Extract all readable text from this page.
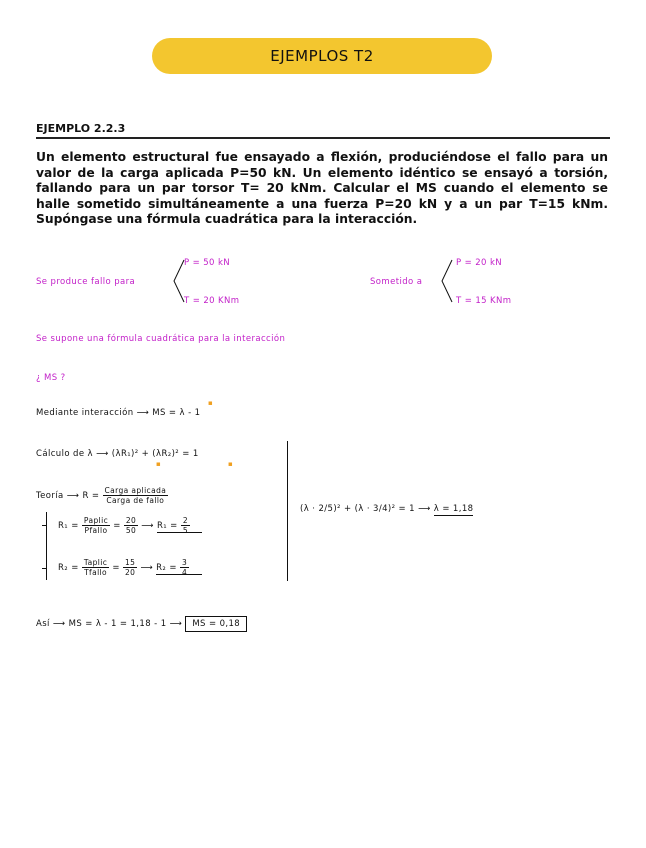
EJEMPLOS T2
EJEMPLO 2.2.3
Un elemento estructural fue ensayado a flexión, produciéndose el fallo para un valor de la carga aplicada P=50 kN. Un elemento idéntico se ensayó a torsión, fallando para un par torsor T= 20 kNm. Calcular el MS cuando el elemento se halle sometido simultáneamente a una fuerza P=20 kN y a un par T=15 kNm. Supóngase una fórmula cuadrática para la interacción.
Se produce fallo para
P = 50 kN
T = 20 KNm
Sometido a
P = 20 kN
T = 15 KNm
Se supone una fórmula cuadrática para la interacción
¿ MS ?
Mediante interacción ⟶ MS = λ - 1
▪
Cálculo de λ ⟶ (λR₁)² + (λR₂)² = 1
▪	▪
Teoría ⟶ $R = \frac{\text{Carga aplicada}}{\text{Carga de fallo}}$
$R_1 = \frac{\text{Paplic}}{\text{Pfallo}} = \frac{20}{50}$ ⟶ $R_1 = \frac{2}{5}$

$R_2 = \frac{\text{Taplic}}{\text{Tfallo}} = \frac{15}{20}$ ⟶ $R_2 = \frac{3}{4}$

(λ · 2/5)² + (λ · 3/4)² = 1 ⟶ λ = 1,18
Así ⟶ MS = λ - 1 = 1,18 - 1 ⟶ MS = 0,18
